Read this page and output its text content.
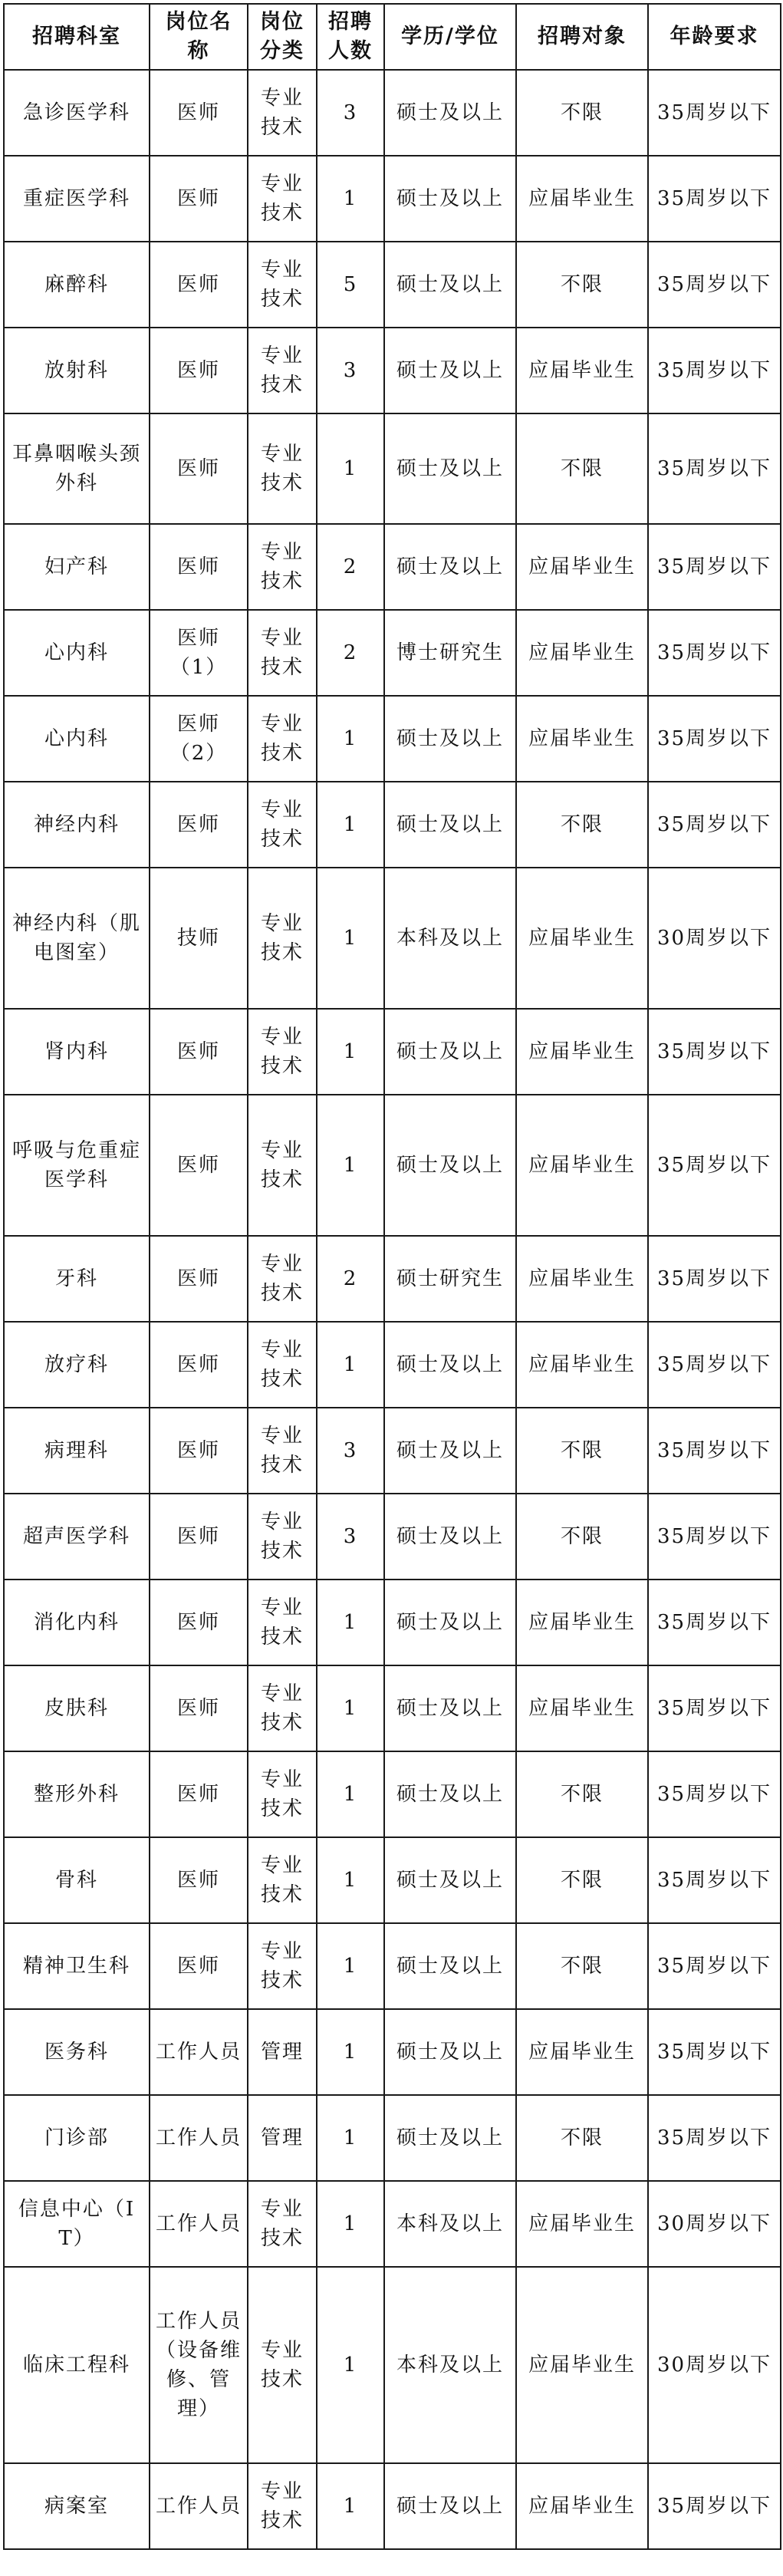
招聘科室	岗位名称	岗位分类	招聘人数	学历/学位	招聘对象	年龄要求
急诊医学科	医师	专业技术	3	硕士及以上	不限	35周岁以下
重症医学科	医师	专业技术	1	硕士及以上	应届毕业生	35周岁以下
麻醉科	医师	专业技术	5	硕士及以上	不限	35周岁以下
放射科	医师	专业技术	3	硕士及以上	应届毕业生	35周岁以下
耳鼻咽喉头颈外科	医师	专业技术	1	硕士及以上	不限	35周岁以下
妇产科	医师	专业技术	2	硕士及以上	应届毕业生	35周岁以下
心内科	医师（1）	专业技术	2	博士研究生	应届毕业生	35周岁以下
心内科	医师（2）	专业技术	1	硕士及以上	应届毕业生	35周岁以下
神经内科	医师	专业技术	1	硕士及以上	不限	35周岁以下
神经内科（肌电图室）	技师	专业技术	1	本科及以上	应届毕业生	30周岁以下
肾内科	医师	专业技术	1	硕士及以上	应届毕业生	35周岁以下
呼吸与危重症医学科	医师	专业技术	1	硕士及以上	应届毕业生	35周岁以下
牙科	医师	专业技术	2	硕士研究生	应届毕业生	35周岁以下
放疗科	医师	专业技术	1	硕士及以上	应届毕业生	35周岁以下
病理科	医师	专业技术	3	硕士及以上	不限	35周岁以下
超声医学科	医师	专业技术	3	硕士及以上	不限	35周岁以下
消化内科	医师	专业技术	1	硕士及以上	应届毕业生	35周岁以下
皮肤科	医师	专业技术	1	硕士及以上	应届毕业生	35周岁以下
整形外科	医师	专业技术	1	硕士及以上	不限	35周岁以下
骨科	医师	专业技术	1	硕士及以上	不限	35周岁以下
精神卫生科	医师	专业技术	1	硕士及以上	不限	35周岁以下
医务科	工作人员	管理	1	硕士及以上	应届毕业生	35周岁以下
门诊部	工作人员	管理	1	硕士及以上	不限	35周岁以下
信息中心（IT）	工作人员	专业技术	1	本科及以上	应届毕业生	30周岁以下
临床工程科	工作人员（设备维修、管理）	专业技术	1	本科及以上	应届毕业生	30周岁以下
病案室	工作人员	专业技术	1	硕士及以上	应届毕业生	35周岁以下
